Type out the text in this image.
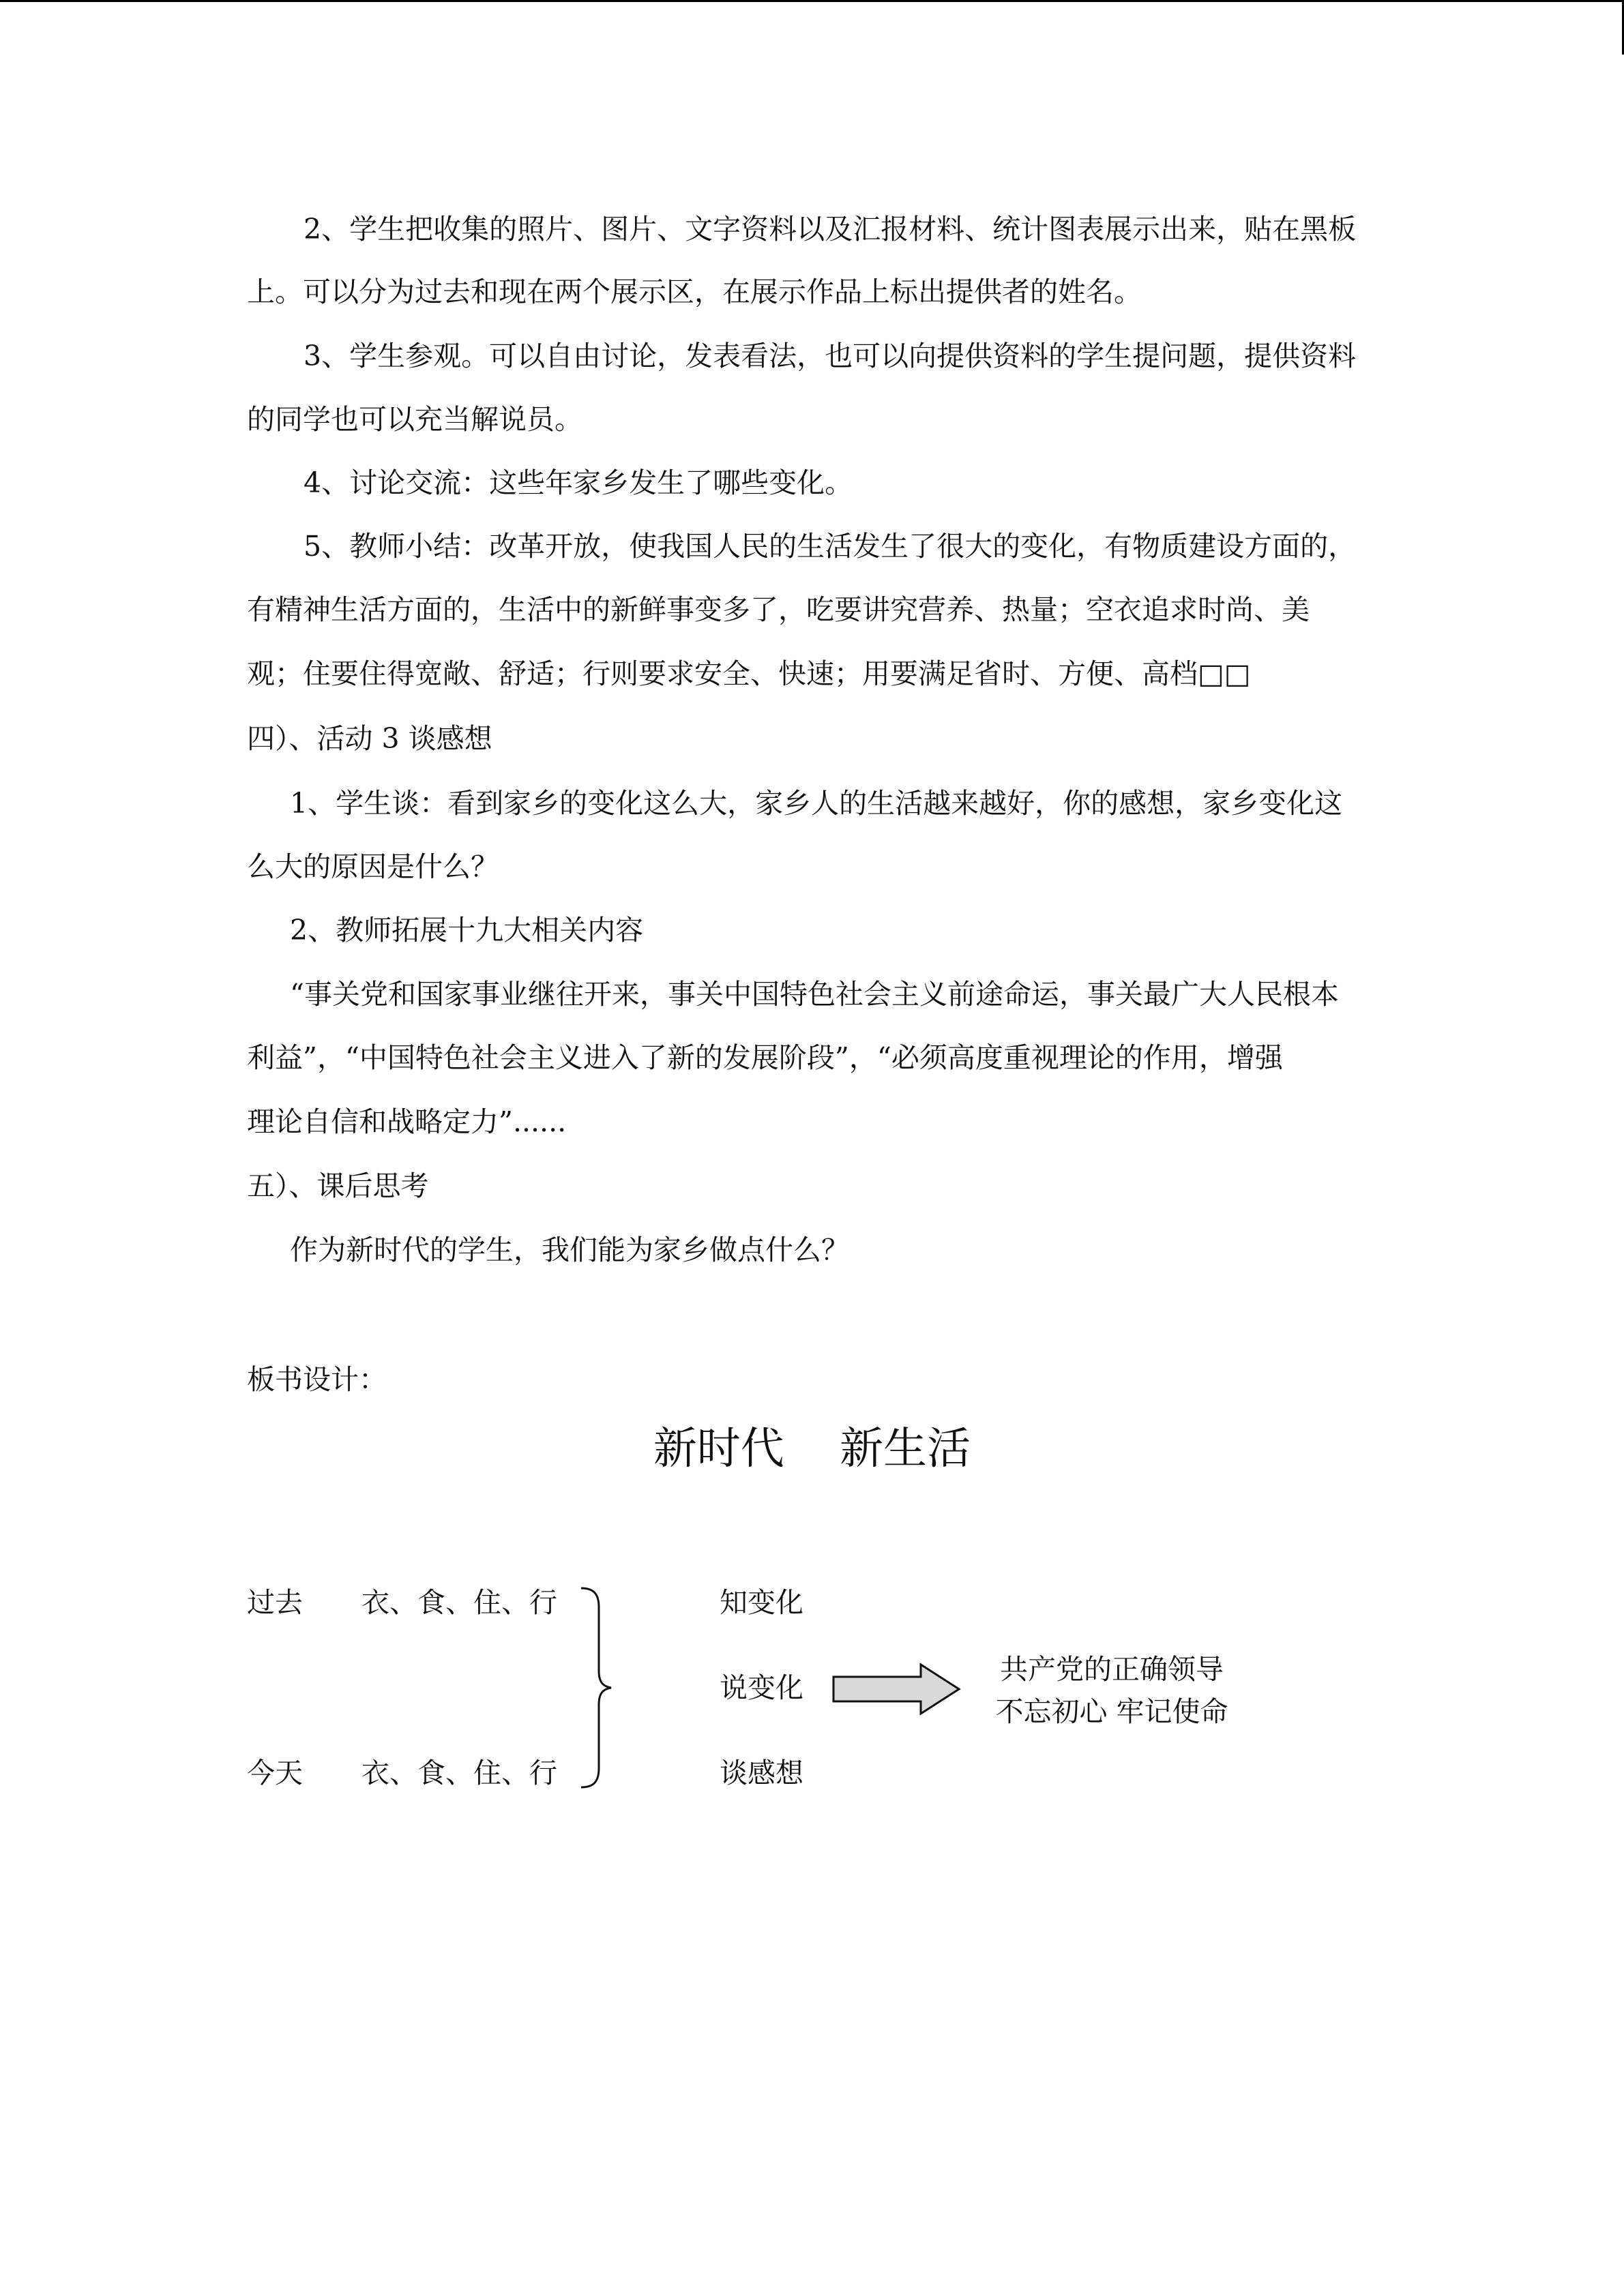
2、学生把收集的照片、图片、文字资料以及汇报材料、统计图表展示出来，贴在黑板
上。可以分为过去和现在两个展示区，在展示作品上标出提供者的姓名。
3、学生参观。可以自由讨论，发表看法，也可以向提供资料的学生提问题，提供资料
的同学也可以充当解说员。
4、讨论交流：这些年家乡发生了哪些变化。
5、教师小结：改革开放，使我国人民的生活发生了很大的变化，有物质建设方面的，
有精神生活方面的，生活中的新鲜事变多了，吃要讲究营养、热量；空衣追求时尚、美
观；住要住得宽敞、舒适；行则要求安全、快速；用要满足省时、方便、高档□□
四）、活动 3 谈感想
1、学生谈：看到家乡的变化这么大，家乡人的生活越来越好，你的感想，家乡变化这
么大的原因是什么？
2、教师拓展十九大相关内容
“事关党和国家事业继往开来，事关中国特色社会主义前途命运，事关最广大人民根本
利益”，“中国特色社会主义进入了新的发展阶段”，“必须高度重视理论的作用，增强
理论自信和战略定力”......
五）、课后思考
作为新时代的学生，我们能为家乡做点什么？
板书设计：
新时代    新生活
过去 衣、食、住、行
今天 衣、食、住、行
知变化
说变化
谈感想
共产党的正确领导
不忘初心 牢记使命
